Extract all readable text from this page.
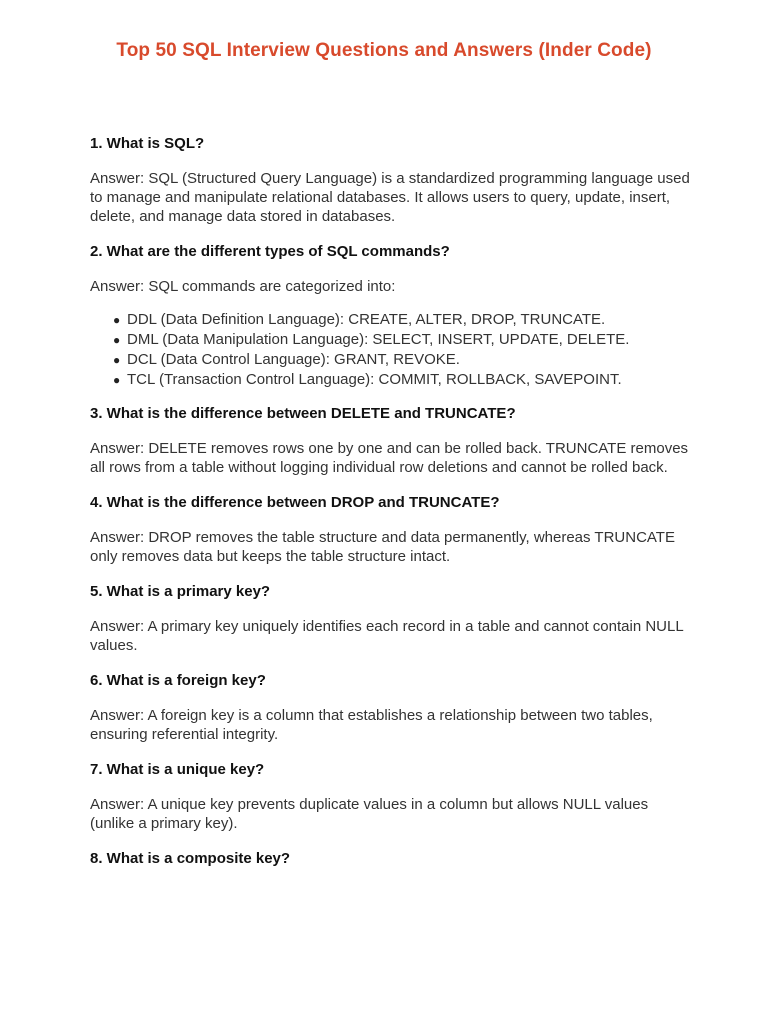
Top 50 SQL Interview Questions and Answers (Inder Code)

1. What is SQL?

Answer: SQL (Structured Query Language) is a standardized programming language used to manage and manipulate relational databases. It allows users to query, update, insert, delete, and manage data stored in databases.

2. What are the different types of SQL commands?

Answer: SQL commands are categorized into:

● DDL (Data Definition Language): CREATE, ALTER, DROP, TRUNCATE.
● DML (Data Manipulation Language): SELECT, INSERT, UPDATE, DELETE.
● DCL (Data Control Language): GRANT, REVOKE.
● TCL (Transaction Control Language): COMMIT, ROLLBACK, SAVEPOINT.

3. What is the difference between DELETE and TRUNCATE?

Answer: DELETE removes rows one by one and can be rolled back. TRUNCATE removes all rows from a table without logging individual row deletions and cannot be rolled back.

4. What is the difference between DROP and TRUNCATE?

Answer: DROP removes the table structure and data permanently, whereas TRUNCATE only removes data but keeps the table structure intact.

5. What is a primary key?

Answer: A primary key uniquely identifies each record in a table and cannot contain NULL values.

6. What is a foreign key?

Answer: A foreign key is a column that establishes a relationship between two tables, ensuring referential integrity.

7. What is a unique key?

Answer: A unique key prevents duplicate values in a column but allows NULL values (unlike a primary key).

8. What is a composite key?
